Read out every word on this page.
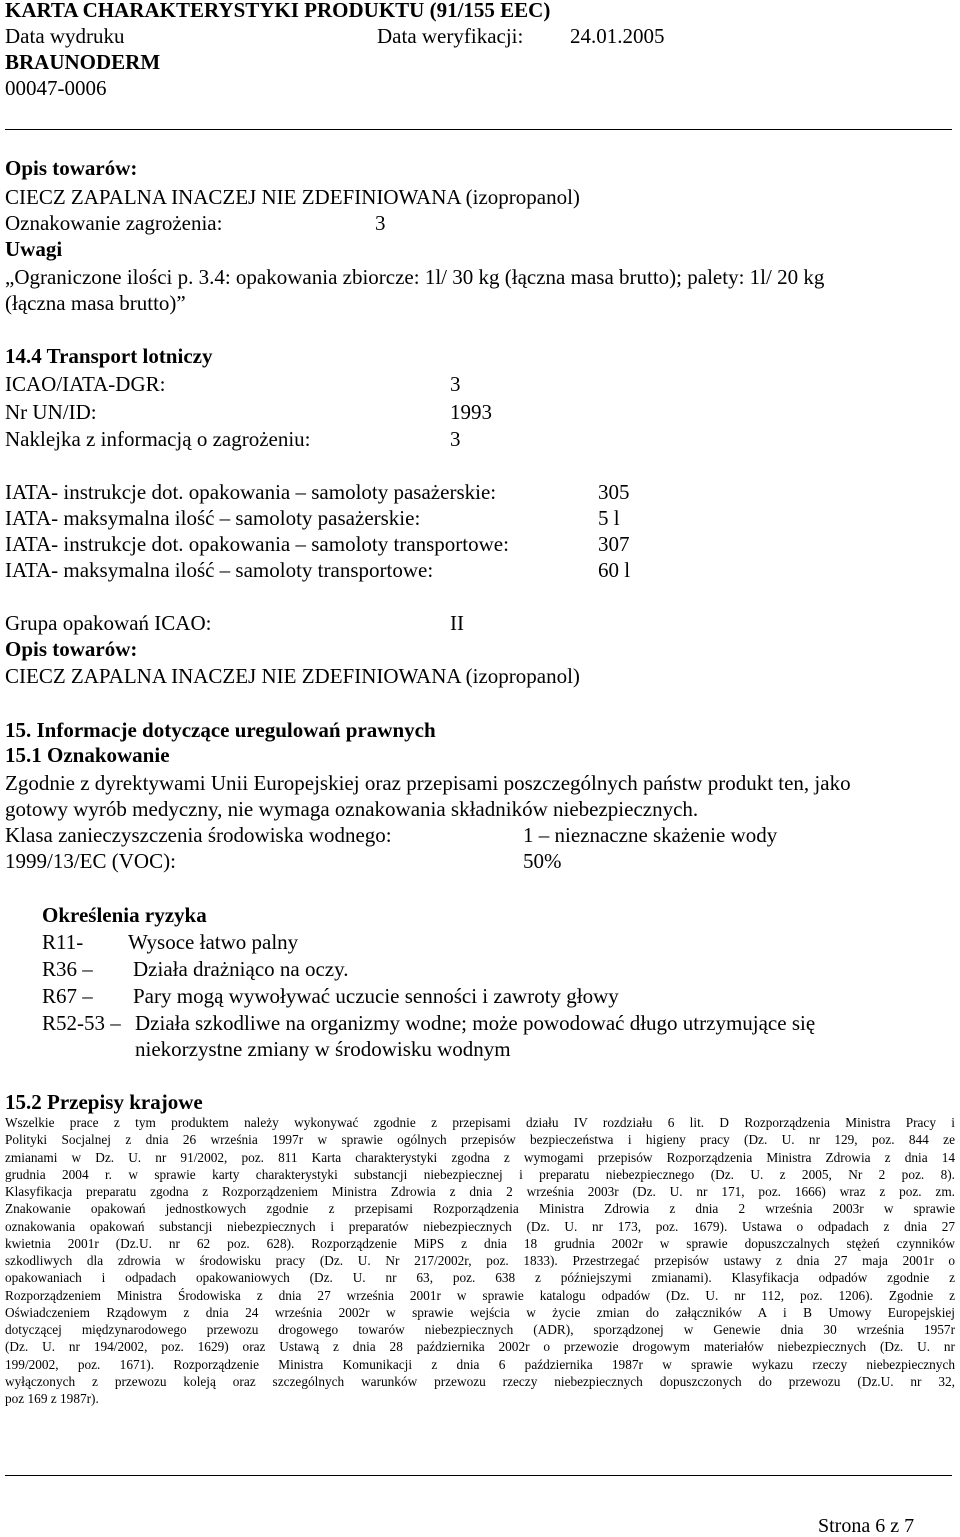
KARTA CHARAKTERYSTYKI PRODUKTU (91/155 EEC)
Data wydruku	Data weryfikacji: 24.01.2005
BRAUNODERM
00047-0006
Opis towarów:
CIECZ ZAPALNA INACZEJ NIE ZDEFINIOWANA (izopropanol)
Oznakowanie zagrożenia:	3
Uwagi
„Ograniczone ilości p. 3.4: opakowania zbiorcze: 1l/ 30 kg (łączna masa brutto); palety: 1l/ 20 kg
(łączna masa brutto)”
14.4 Transport lotniczy
ICAO/IATA-DGR:	3
Nr UN/ID:	1993
Naklejka z informacją o zagrożeniu:	3
IATA- instrukcje dot. opakowania – samoloty pasażerskie:	305
IATA- maksymalna ilość – samoloty pasażerskie:	5 l
IATA- instrukcje dot. opakowania – samoloty transportowe:	307
IATA- maksymalna ilość – samoloty transportowe:	60 l
Grupa opakowań ICAO:	II
Opis towarów:
CIECZ ZAPALNA INACZEJ NIE ZDEFINIOWANA (izopropanol)
15. Informacje dotyczące uregulowań prawnych
15.1 Oznakowanie
Zgodnie z dyrektywami Unii Europejskiej oraz przepisami poszczególnych państw produkt ten, jako
gotowy wyrób medyczny, nie wymaga oznakowania składników niebezpiecznych.
Klasa zanieczyszczenia środowiska wodnego:	1 – nieznaczne skażenie wody
1999/13/EC (VOC):	50%
Określenia ryzyka
R11- Wysoce łatwo palny
R36 – Działa drażniąco na oczy.
R67 – Pary mogą wywoływać uczucie senności i zawroty głowy
R52-53 – Działa szkodliwe na organizmy wodne; może powodować długo utrzymujące się
niekorzystne zmiany w środowisku wodnym
15.2 Przepisy krajowe
Wszelkie prace z tym produktem należy wykonywać zgodnie z przepisami działu IV rozdziału 6 lit. D Rozporządzenia Ministra Pracy i
Polityki Socjalnej z dnia 26 września 1997r w sprawie ogólnych przepisów bezpieczeństwa i higieny pracy (Dz. U. nr 129, poz. 844 ze
zmianami w Dz. U. nr 91/2002, poz. 811 Karta charakterystyki zgodna z wymogami przepisów Rozporządzenia Ministra Zdrowia z dnia 14
grudnia 2004 r. w sprawie karty charakterystyki substancji niebezpiecznej i preparatu niebezpiecznego (Dz. U. z 2005, Nr 2 poz. 8).
Klasyfikacja preparatu zgodna z Rozporządzeniem Ministra Zdrowia z dnia 2 września 2003r (Dz. U. nr 171, poz. 1666) wraz z poz. zm.
Znakowanie opakowań jednostkowych zgodnie z przepisami Rozporządzenia Ministra Zdrowia z dnia 2 września 2003r w sprawie
oznakowania opakowań substancji niebezpiecznych i preparatów niebezpiecznych (Dz. U. nr 173, poz. 1679). Ustawa o odpadach z dnia 27
kwietnia 2001r (Dz.U. nr 62 poz. 628). Rozporządzenie MiPS z dnia 18 grudnia 2002r w sprawie dopuszczalnych stężeń czynników
szkodliwych dla zdrowia w środowisku pracy (Dz. U. Nr 217/2002r, poz. 1833). Przestrzegać przepisów ustawy z dnia 27 maja 2001r o
opakowaniach i odpadach opakowaniowych (Dz. U. nr 63, poz. 638 z późniejszymi zmianami). Klasyfikacja odpadów zgodnie z
Rozporządzeniem Ministra Środowiska z dnia 27 września 2001r w sprawie katalogu odpadów (Dz. U. nr 112, poz. 1206). Zgodnie z
Oświadczeniem Rządowym z dnia 24 września 2002r w sprawie wejścia w życie zmian do załączników A i B Umowy Europejskiej
dotyczącej międzynarodowego przewozu drogowego towarów niebezpiecznych (ADR), sporządzonej w Genewie dnia 30 września 1957r
(Dz. U. nr 194/2002, poz. 1629) oraz Ustawą z dnia 28 października 2002r o przewozie drogowym materiałów niebezpiecznych (Dz. U. nr
199/2002, poz. 1671). Rozporządzenie Ministra Komunikacji z dnia 6 października 1987r w sprawie wykazu rzeczy niebezpiecznych
wyłączonych z przewozu koleją oraz szczególnych warunków przewozu rzeczy niebezpiecznych dopuszczonych do przewozu (Dz.U. nr 32,
poz 169 z 1987r).
Strona 6 z 7
